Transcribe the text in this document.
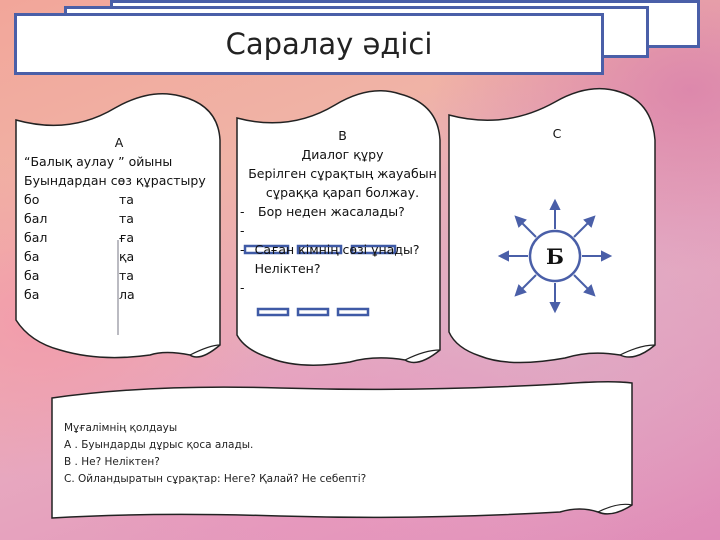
Саралау әдісі
А
“Балық аулау ” ойыны
Буындардан сөз құрастыру
бо	та
бал	та
бал	ға
ба	қа
ба	та
ба	ла
В
Диалог құру
Берілген сұрақтың жауабын сұраққа қарап болжау.
-	Бор неден жасалады?
-
- Саған кімнің сөзі ұнады? Неліктен?
-
С
Б
Мұғалімнің қолдауы
А . Буындарды дұрыс қоса алады.
В . Не? Неліктен?
С. Ойландыратын сұрақтар: Неге? Қалай? Не себепті?
